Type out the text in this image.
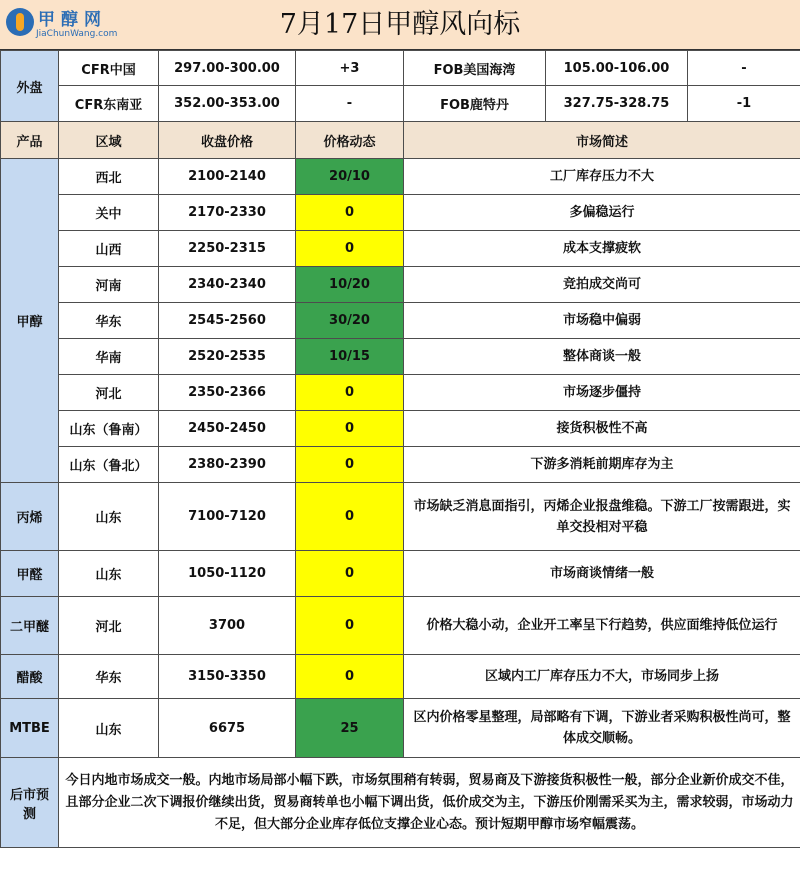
甲醇网
JiaChunWang.com	7月17日甲醇风向标
外盘	CFR中国	297.00-300.00	+3	FOB美国海湾	105.00-106.00	-
	CFR东南亚	352.00-353.00	-	FOB鹿特丹	327.75-328.75	-1
产品	区域	收盘价格	价格动态	市场简述		
甲醇	西北	2100-2140	20/10	工厂库存压力不大		
	关中	2170-2330	0	多偏稳运行		
	山西	2250-2315	0	成本支撑疲软		
	河南	2340-2340	10/20	竞拍成交尚可		
	华东	2545-2560	30/20	市场稳中偏弱		
	华南	2520-2535	10/15	整体商谈一般		
	河北	2350-2366	0	市场逐步僵持		
	山东（鲁南）	2450-2450	0	接货积极性不高		
	山东（鲁北）	2380-2390	0	下游多消耗前期库存为主		
丙烯	山东	7100-7120	0	市场缺乏消息面指引，丙烯企业报盘维稳。下游工厂按需跟进，实单交投相对平稳		
甲醛	山东	1050-1120	0	市场商谈情绪一般		
二甲醚	河北	3700	0	价格大稳小动，企业开工率呈下行趋势，供应面维持低位运行		
醋酸	华东	3150-3350	0	区域内工厂库存压力不大，市场同步上扬		
MTBE	山东	6675	25	区内价格零星整理，局部略有下调，下游业者采购积极性尚可，整体成交顺畅。		
后市预测	今日内地市场成交一般。内地市场局部小幅下跌，市场氛围稍有转弱，贸易商及下游接货积极性一般，部分企业新价成交不佳，且部分企业二次下调报价继续出货，贸易商转单也小幅下调出货，低价成交为主，下游压价刚需采买为主，需求较弱，市场动力不足，但大部分企业库存低位支撑企业心态。预计短期甲醇市场窄幅震荡。					
